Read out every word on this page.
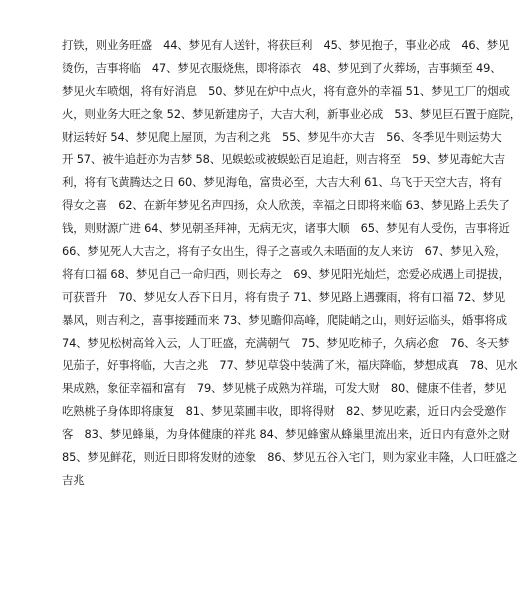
打铁，则业务旺盛　44、梦见有人送针，将获巨利　45、梦见抱子，事业必成　46、梦见
烫伤，吉事将临　47、梦见衣服烧焦，即将添衣　48、梦见到了火葬场，吉事频至 49、
梦见火车喷烟，将有好消息　50、梦见在炉中点火，将有意外的幸福 51、梦见工厂的烟或
火，则业务大旺之象 52、梦见新建房子，大吉大利，新事业必成　53、梦见巨石置于庭院，
财运转好 54、梦见爬上屋顶，为吉利之兆　55、梦见牛亦大吉　56、冬季见牛则运势大
开 57、被牛追赶亦为吉梦 58、见蜈蚣或被蜈蚣百足追赶，则吉将至　59、梦见毒蛇大吉
利，将有飞黄腾达之日 60、梦见海龟，富贵必至，大吉大利 61、乌飞于天空大吉，将有
得女之喜　62、在新年梦见名声四扬，众人欣羡，幸福之日即将来临 63、梦见路上丢失了
钱，则财源广进 64、梦见朝圣拜神，无病无灾，诸事大顺　65、梦见有人受伤，吉事将近
66、梦见死人大吉之，将有子女出生，得子之喜或久未晤面的友人来访　67、梦见入殓，
将有口福 68、梦见自己一命归西，则长寿之　69、梦见阳光灿烂，恋爱必成遇上司提拔，
可获晋升　70、梦见女人吞下日月，将有贵子 71、梦见路上遇骤雨，将有口福 72、梦见
暴风，则吉利之，喜事接踵而来 73、梦见瞻仰高峰，爬陡峭之山，则好运临头，婚事将成
74、梦见松树高耸入云，人丁旺盛，充满朝气　75、梦见吃柿子，久病必愈　76、冬天梦
见茄子，好事将临，大吉之兆　77、梦见草袋中装满了米，福庆降临，梦想成真　78、见水
果成熟，象征幸福和富有　79、梦见桃子成熟为祥瑞，可发大财　80、健康不佳者，梦见
吃熟桃子身体即将康复　81、梦见菜圃丰收，即将得财　82、梦见吃素，近日内会受邀作
客　83、梦见蜂巢，为身体健康的祥兆 84、梦见蜂蜜从蜂巢里流出来，近日内有意外之财
85、梦见鲜花，则近日即将发财的迹象　86、梦见五谷入宅门，则为家业丰隆，人口旺盛之
吉兆
